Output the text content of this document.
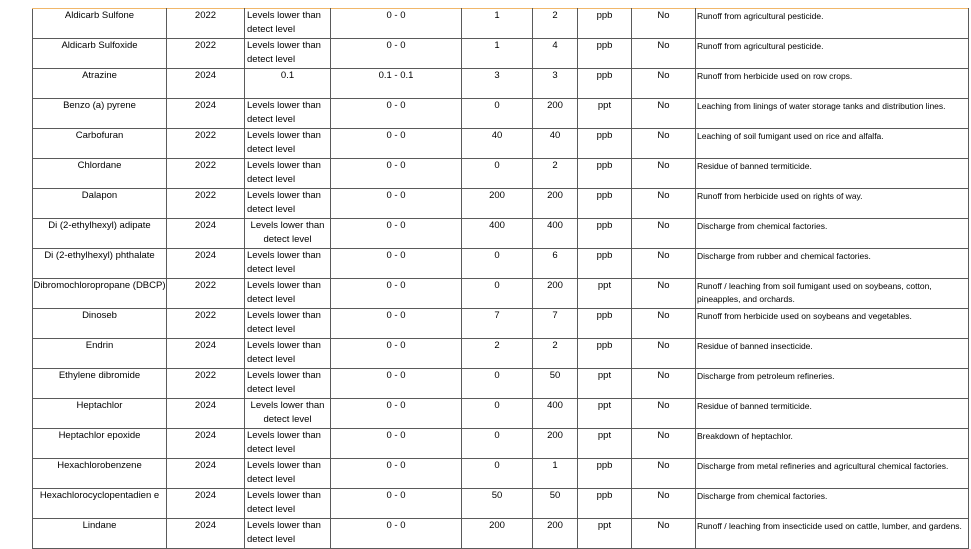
Aldicarb Sulfone	2022	Levels lower than detect level	0 - 0	1	2	ppb	No	Runoff from agricultural pesticide.
Aldicarb Sulfoxide	2022	Levels lower than detect level	0 - 0	1	4	ppb	No	Runoff from agricultural pesticide.
Atrazine	2024	0.1	0.1 - 0.1	3	3	ppb	No	Runoff from herbicide used on row crops.
Benzo (a) pyrene	2024	Levels lower than detect level	0 - 0	0	200	ppt	No	Leaching from linings of water storage tanks and distribution lines.
Carbofuran	2022	Levels lower than detect level	0 - 0	40	40	ppb	No	Leaching of soil fumigant used on rice and alfalfa.
Chlordane	2022	Levels lower than detect level	0 - 0	0	2	ppb	No	Residue of banned termiticide.
Dalapon	2022	Levels lower than detect level	0 - 0	200	200	ppb	No	Runoff from herbicide used on rights of way.
Di (2-ethylhexyl) adipate	2024	Levels lower than detect level	0 - 0	400	400	ppb	No	Discharge from chemical factories.
Di (2-ethylhexyl) phthalate	2024	Levels lower than detect level	0 - 0	0	6	ppb	No	Discharge from rubber and chemical factories.
Dibromochloropropane (DBCP)	2022	Levels lower than detect level	0 - 0	0	200	ppt	No	Runoff / leaching from soil fumigant used on soybeans, cotton, pineapples, and orchards.
Dinoseb	2022	Levels lower than detect level	0 - 0	7	7	ppb	No	Runoff from herbicide used on soybeans and vegetables.
Endrin	2024	Levels lower than detect level	0 - 0	2	2	ppb	No	Residue of banned insecticide.
Ethylene dibromide	2022	Levels lower than detect level	0 - 0	0	50	ppt	No	Discharge from petroleum refineries.
Heptachlor	2024	Levels lower than detect level	0 - 0	0	400	ppt	No	Residue of banned termiticide.
Heptachlor epoxide	2024	Levels lower than detect level	0 - 0	0	200	ppt	No	Breakdown of heptachlor.
Hexachlorobenzene	2024	Levels lower than detect level	0 - 0	0	1	ppb	No	Discharge from metal refineries and agricultural chemical factories.
Hexachlorocyclopentadien e	2024	Levels lower than detect level	0 - 0	50	50	ppb	No	Discharge from chemical factories.
Lindane	2024	Levels lower than detect level	0 - 0	200	200	ppt	No	Runoff / leaching from insecticide used on cattle, lumber, and gardens.
